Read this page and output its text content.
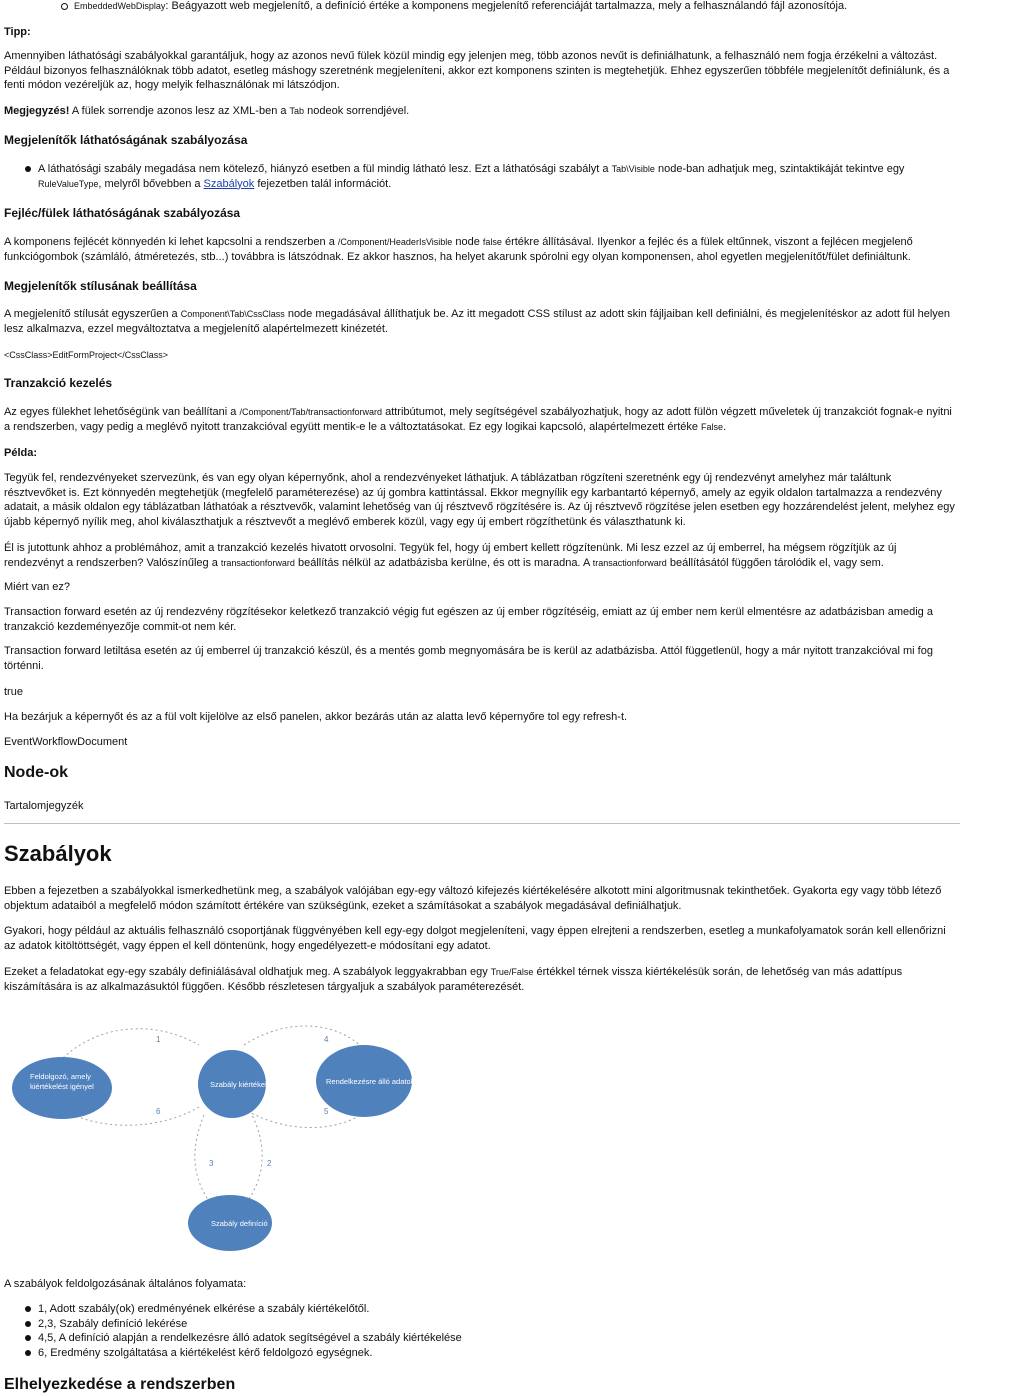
EmbeddedWebDisplay: Beágyazott web megjelenítő, a definíció értéke a komponens megjelenítő referenciáját tartalmazza, mely a felhasználandó fájl azonosítója.

Tipp:

Amennyiben láthatósági szabályokkal garantáljuk, hogy az azonos nevű fülek közül mindig egy jelenjen meg, több azonos nevűt is definiálhatunk, a felhasználó nem fogja érzékelni a változást. Például bizonyos felhasználóknak több adatot, esetleg máshogy szeretnénk megjeleníteni, akkor ezt komponens szinten is megtehetjük. Ehhez egyszerűen többféle megjelenítőt definiálunk, és a fenti módon vezéreljük az, hogy melyik felhasználónak mi látszódjon.

Megjegyzés! A fülek sorrendje azonos lesz az XML-ben a Tab nodeok sorrendjével.

Megjelenítők láthatóságának szabályozása
A láthatósági szabály megadása nem kötelező, hiányzó esetben a fül mindig látható lesz. Ezt a láthatósági szabályt a Tab\Visible node-ban adhatjuk meg, szintaktikáját tekintve egy RuleValueType, melyről bővebben a Szabályok fejezetben talál információt.
Fejléc/fülek láthatóságának szabályozása

A komponens fejlécét könnyedén ki lehet kapcsolni a rendszerben a /Component/HeaderIsVisible node false értékre állításával. Ilyenkor a fejléc és a fülek eltűnnek, viszont a fejlécen megjelenő funkciógombok (számláló, átméretezés, stb...) továbbra is látszódnak. Ez akkor hasznos, ha helyet akarunk spórolni egy olyan komponensen, ahol egyetlen megjelenítőt/fület definiáltunk.

Megjelenítők stílusának beállítása

A megjelenítő stílusát egyszerűen a Component\Tab\CssClass node megadásával állíthatjuk be. Az itt megadott CSS stílust az adott skin fájljaiban kell definiálni, és megjelenítéskor az adott fül helyen lesz alkalmazva, ezzel megváltoztatva a megjelenítő alapértelmezett kinézetét.

<CssClass>EditFormProject</CssClass>

Tranzakció kezelés

Az egyes fülekhet lehetőségünk van beállítani a /Component/Tab/transactionforward attribútumot, mely segítségével szabályozhatjuk, hogy az adott fülön végzett műveletek új tranzakciót fognak-e nyitni a rendszerben, vagy pedig a meglévő nyitott tranzakcióval együtt mentik-e le a változtatásokat. Ez egy logikai kapcsoló, alapértelmezett értéke False.

Példa:

Tegyük fel, rendezvényeket szervezünk, és van egy olyan képernyőnk, ahol a rendezvényeket láthatjuk. A táblázatban rögzíteni szeretnénk egy új rendezvényt amelyhez már találtunk résztvevőket is. Ezt könnyedén megtehetjük (megfelelő paraméterezése) az új gombra kattintással. Ekkor megnyílik egy karbantartó képernyő, amely az egyik oldalon tartalmazza a rendezvény adatait, a másik oldalon egy táblázatban láthatóak a résztvevők, valamint lehetőség van új résztvevő rögzítésére is. Az új résztvevő rögzítése jelen esetben egy hozzárendelést jelent, melyhez egy újabb képernyő nyílik meg, ahol kiválaszthatjuk a résztvevőt a meglévő emberek közül, vagy egy új embert rögzíthetünk és választhatunk ki.

Él is jutottunk ahhoz a problémához, amit a tranzakció kezelés hivatott orvosolni. Tegyük fel, hogy új embert kellett rögzítenünk. Mi lesz ezzel az új emberrel, ha mégsem rögzítjük az új rendezvényt a rendszerben? Valószínűleg a transactionforward beállítás nélkül az adatbázisba kerülne, és ott is maradna. A transactionforward beállításától függően tárolódik el, vagy sem.

Miért van ez?

Transaction forward esetén az új rendezvény rögzítésekor keletkező tranzakció végig fut egészen az új ember rögzítéséig, emiatt az új ember nem kerül elmentésre az adatbázisban amedig a tranzakció kezdeményezője commit-ot nem kér.

Transaction forward letiltása esetén az új emberrel új tranzakció készül, és a mentés gomb megnyomására be is kerül az adatbázisba. Attól függetlenül, hogy a már nyitott tranzakcióval mi fog történni.

true

Ha bezárjuk a képernyőt és az a fül volt kijelölve az első panelen, akkor bezárás után az alatta levő képernyőre tol egy refresh-t.

EventWorkflowDocument

Node-ok

Tartalomjegyzék

Szabályok

Ebben a fejezetben a szabályokkal ismerkedhetünk meg, a szabályok valójában egy-egy változó kifejezés kiértékelésére alkotott mini algoritmusnak tekinthetőek. Gyakorta egy vagy több létező objektum adataiból a megfelelő módon számított értékére van szükségünk, ezeket a számításokat a szabályok megadásával definiálhatjuk.

Gyakori, hogy például az aktuális felhasználó csoportjának függvényében kell egy-egy dolgot megjeleníteni, vagy éppen elrejteni a rendszerben, esetleg a munkafolyamatok során kell ellenőrizni az adatok kitöltöttségét, vagy éppen el kell döntenünk, hogy engedélyezett-e módosítani egy adatot.

Ezeket a feladatokat egy-egy szabály definiálásával oldhatjuk meg. A szabályok leggyakrabban egy True/False értékkel térnek vissza kiértékelésük során, de lehetőség van más adattípus kiszámítására is az alkalmazásuktól függően. Később részletesen tárgyaljuk a szabályok paraméterezését.

Feldolgozó, amely kiértékelést igényel	Szabály kiértékelő	Rendelkezésre álló adatok
Szabály definíció
1	4
6	5
3	2

A szabályok feldolgozásának általános folyamata:

1, Adott szabály(ok) eredményének elkérése a szabály kiértékelőtől.
2,3, Szabály definíció lekérése
4,5, A definíció alapján a rendelkezésre álló adatok segítségével a szabály kiértékelése
6, Eredmény szolgáltatása a kiértékelést kérő feldolgozó egységnek.
Elhelyezkedése a rendszerben
